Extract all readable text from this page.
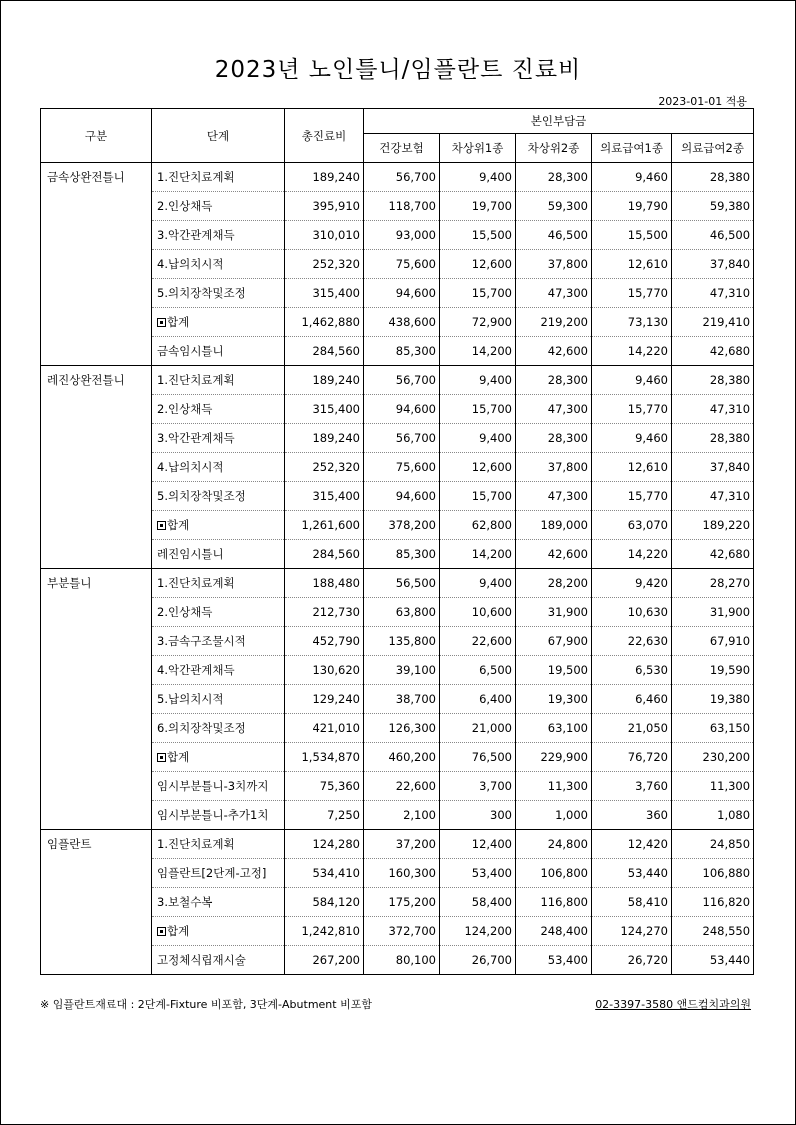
2023년 노인틀니/임플란트 진료비
2023-01-01 적용
구분	단계	총진료비	본인부담금				
			건강보험	차상위1종	차상위2종	의료급여1종	의료급여2종
금속상완전틀니	1.진단치료계획	189,240	56,700	9,400	28,300	9,460	28,380
	2.인상채득	395,910	118,700	19,700	59,300	19,790	59,380
	3.악간관계채득	310,010	93,000	15,500	46,500	15,500	46,500
	4.납의치시적	252,320	75,600	12,600	37,800	12,610	37,840
	5.의치장착및조정	315,400	94,600	15,700	47,300	15,770	47,310
	합계	1,462,880	438,600	72,900	219,200	73,130	219,410
	금속임시틀니	284,560	85,300	14,200	42,600	14,220	42,680
레진상완전틀니	1.진단치료계획	189,240	56,700	9,400	28,300	9,460	28,380
	2.인상채득	315,400	94,600	15,700	47,300	15,770	47,310
	3.악간관계채득	189,240	56,700	9,400	28,300	9,460	28,380
	4.납의치시적	252,320	75,600	12,600	37,800	12,610	37,840
	5.의치장착및조정	315,400	94,600	15,700	47,300	15,770	47,310
	합계	1,261,600	378,200	62,800	189,000	63,070	189,220
	레진임시틀니	284,560	85,300	14,200	42,600	14,220	42,680
부분틀니	1.진단치료계획	188,480	56,500	9,400	28,200	9,420	28,270
	2.인상채득	212,730	63,800	10,600	31,900	10,630	31,900
	3.금속구조물시적	452,790	135,800	22,600	67,900	22,630	67,910
	4.악간관계채득	130,620	39,100	6,500	19,500	6,530	19,590
	5.납의치시적	129,240	38,700	6,400	19,300	6,460	19,380
	6.의치장착및조정	421,010	126,300	21,000	63,100	21,050	63,150
	합계	1,534,870	460,200	76,500	229,900	76,720	230,200
	임시부분틀니-3치까지	75,360	22,600	3,700	11,300	3,760	11,300
	임시부분틀니-추가1치	7,250	2,100	300	1,000	360	1,080
임플란트	1.진단치료계획	124,280	37,200	12,400	24,800	12,420	24,850
	임플란트[2단계-고정]	534,410	160,300	53,400	106,800	53,440	106,880
	3.보철수복	584,120	175,200	58,400	116,800	58,410	116,820
	합계	1,242,810	372,700	124,200	248,400	124,270	248,550
	고정체식립재시술	267,200	80,100	26,700	53,400	26,720	53,440
※ 임플란트재료대 : 2단계-Fixture 비포함, 3단계-Abutment 비포함	02-3397-3580 앤드컴치과의원
